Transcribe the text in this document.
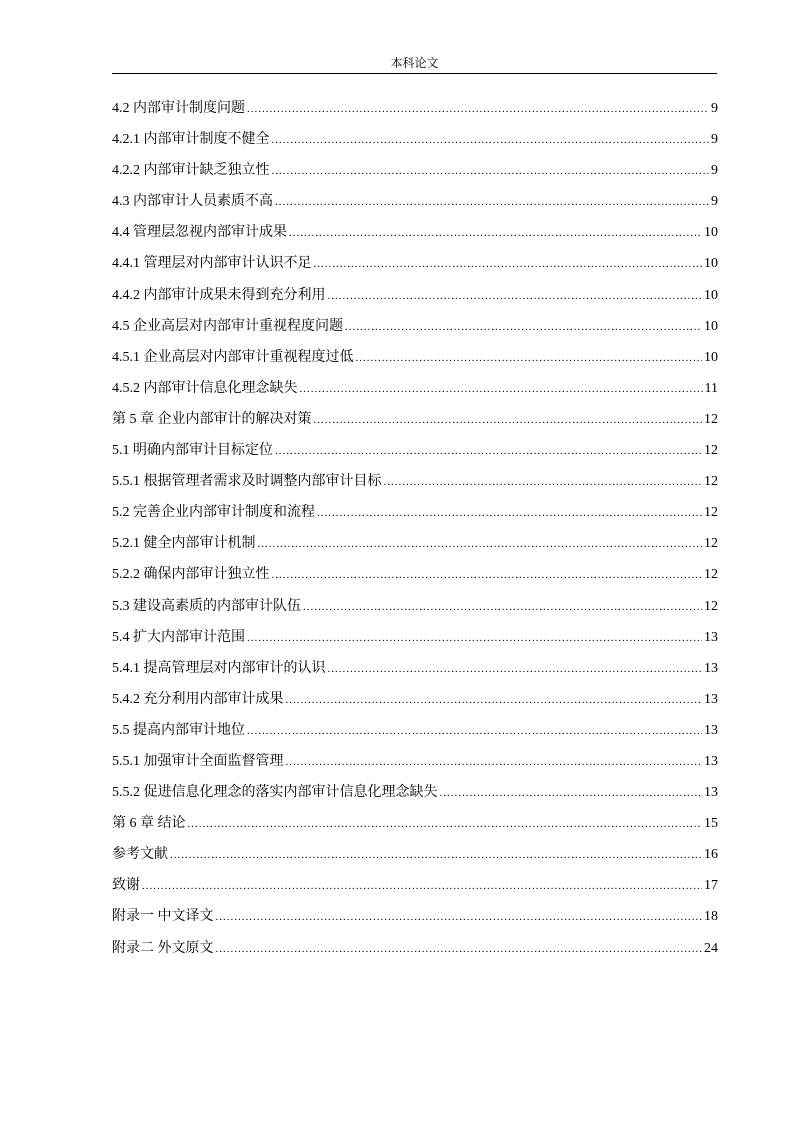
本科论文
4.2 内部审计制度问题 .....	9
4.2.1 内部审计制度不健全 .....	9
4.2.2 内部审计缺乏独立性 .....	9
4.3 内部审计人员素质不高 .....	9
4.4 管理层忽视内部审计成果 .....	10
4.4.1 管理层对内部审计认识不足 .....	10
4.4.2 内部审计成果未得到充分利用 .....	10
4.5 企业高层对内部审计重视程度问题 .....	10
4.5.1 企业高层对内部审计重视程度过低 .....	10
4.5.2 内部审计信息化理念缺失 .....	11
第 5 章 企业内部审计的解决对策 .....	12
5.1 明确内部审计目标定位 .....	12
5.5.1 根据管理者需求及时调整内部审计目标 .....	12
5.2 完善企业内部审计制度和流程 .....	12
5.2.1 健全内部审计机制 .....	12
5.2.2 确保内部审计独立性 .....	12
5.3 建设高素质的内部审计队伍 .....	12
5.4 扩大内部审计范围 .....	13
5.4.1 提高管理层对内部审计的认识 .....	13
5.4.2 充分利用内部审计成果 .....	13
5.5 提高内部审计地位 .....	13
5.5.1 加强审计全面监督管理 .....	13
5.5.2 促进信息化理念的落实内部审计信息化理念缺失 .....	13
第 6 章 结论 .....	15
参考文献 .....	16
致谢 .....	17
附录一 中文译文 .....	18
附录二 外文原文 .....	24
